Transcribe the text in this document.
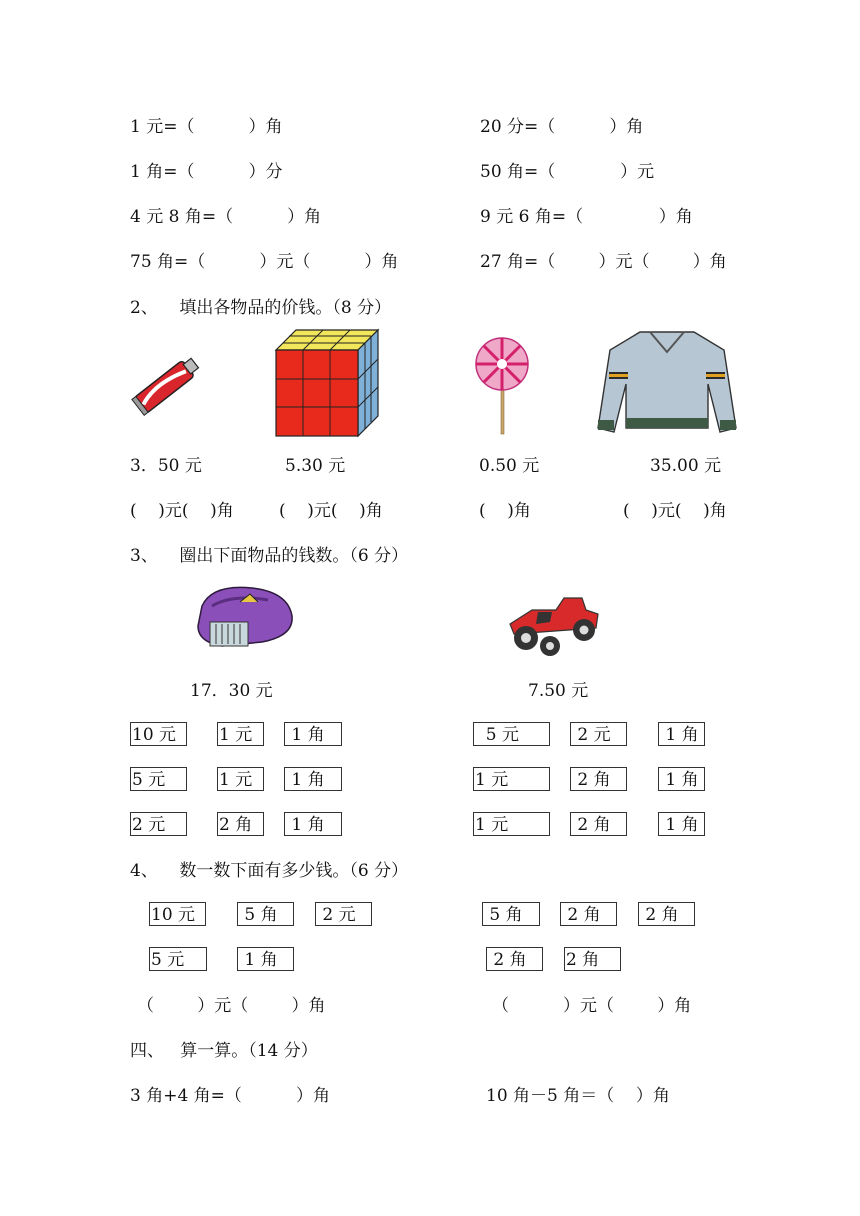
1 元=（          ）角	20 分=（          ）角
1 角=（          ）分	50 角=（            ）元
4 元 8 角=（          ）角	9 元 6 角=（              ）角
75 角=（          ）元（          ）角	27 角=（        ）元（        ）角
2、    填出各物品的价钱。（8 分）
3．50 元	5.30 元	0.50 元	35.00 元
(    )元(    )角	(    )元(    )角	(    )角	(    )元(    )角
3、    圈出下面物品的钱数。（6 分）
17．30 元	7.50 元
10 元	1 元	1 角
5 元	1 元	1 角
2 元	2 角	1 角
5 元	2 元	1 角
1 元	2 角	1 角
1 元	2 角	1 角
4、    数一数下面有多少钱。（6 分）
10 元	5 角	2 元
5 元	1 角
5 角	2 角	2 角
2 角	2 角
（        ）元（        ）角	（          ）元（        ）角
四、   算一算。（14 分）
3 角+4 角=（          ）角	10 角－5 角＝（    ）角
